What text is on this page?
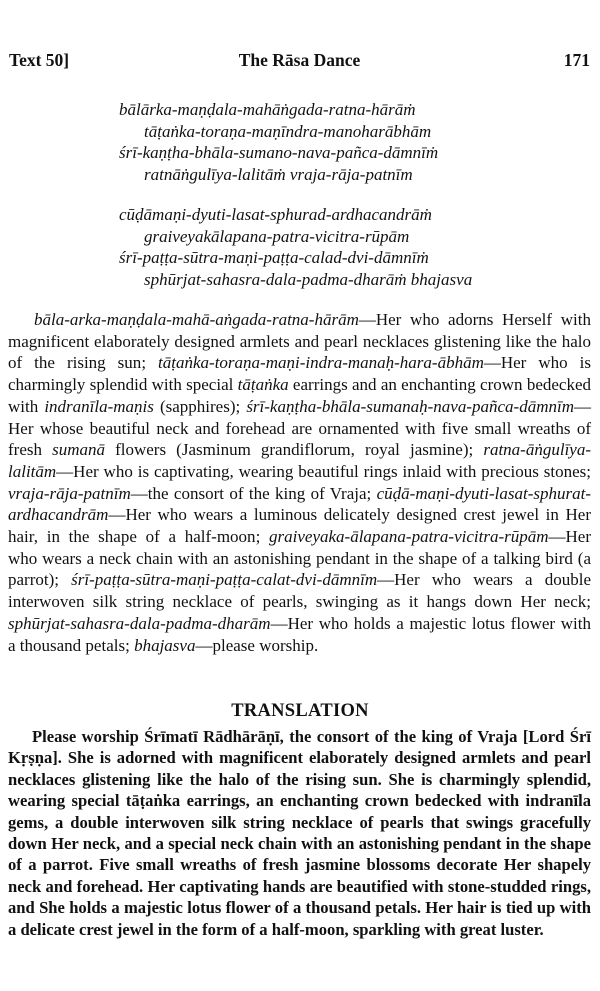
Text 50]	The Rāsa Dance	171
bālārka-maṇḍala-mahāṅgada-ratna-hārāṁ
tāṭaṅka-toraṇa-maṇīndra-manoharābhām
śrī-kaṇṭha-bhāla-sumano-nava-pañca-dāmnīṁ
ratnāṅgulīya-lalitāṁ vraja-rāja-patnīm
cūḍāmaṇi-dyuti-lasat-sphurad-ardhacandrāṁ
graiveyakālapana-patra-vicitra-rūpām
śrī-paṭṭa-sūtra-maṇi-paṭṭa-calad-dvi-dāmnīṁ
sphūrjat-sahasra-dala-padma-dharāṁ bhajasva
bāla-arka-maṇḍala-mahā-aṅgada-ratna-hārām—Her who adorns Herself with magnificent elaborately designed armlets and pearl necklaces glistening like the halo of the rising sun; tāṭaṅka-toraṇa-maṇi-indra-manaḥ-hara-ābhām—Her who is charmingly splendid with special tāṭaṅka earrings and an enchanting crown bedecked with indranīla-maṇis (sapphires); śrī-kaṇṭha-bhāla-sumanaḥ-nava-pañca-dāmnīm—Her whose beautiful neck and forehead are ornamented with five small wreaths of fresh sumanā flowers (Jasminum grandiflorum, royal jasmine); ratna-āṅgulīya-lalitām—Her who is captivating, wearing beautiful rings inlaid with precious stones; vraja-rāja-patnīm—the consort of the king of Vraja; cūḍā-maṇi-dyuti-lasat-sphurat-ardhacandrām—Her who wears a luminous delicately designed crest jewel in Her hair, in the shape of a half-moon; graiveyaka-ālapana-patra-vicitra-rūpām—Her who wears a neck chain with an astonishing pendant in the shape of a talking bird (a parrot); śrī-paṭṭa-sūtra-maṇi-paṭṭa-calat-dvi-dāmnīm—Her who wears a double interwoven silk string necklace of pearls, swinging as it hangs down Her neck; sphūrjat-sahasra-dala-padma-dharām—Her who holds a majestic lotus flower with a thousand petals; bhajasva—please worship.
TRANSLATION
Please worship Śrīmatī Rādhārāṇī, the consort of the king of Vraja [Lord Śrī Kṛṣṇa]. She is adorned with magnificent elaborately designed armlets and pearl necklaces glistening like the halo of the rising sun. She is charmingly splendid, wearing special tāṭaṅka earrings, an enchanting crown bedecked with indranīla gems, a double interwoven silk string necklace of pearls that swings gracefully down Her neck, and a special neck chain with an astonishing pendant in the shape of a parrot. Five small wreaths of fresh jasmine blossoms decorate Her shapely neck and forehead. Her captivating hands are beautified with stone-studded rings, and She holds a majestic lotus flower of a thousand petals. Her hair is tied up with a delicate crest jewel in the form of a half-moon, sparkling with great luster.
